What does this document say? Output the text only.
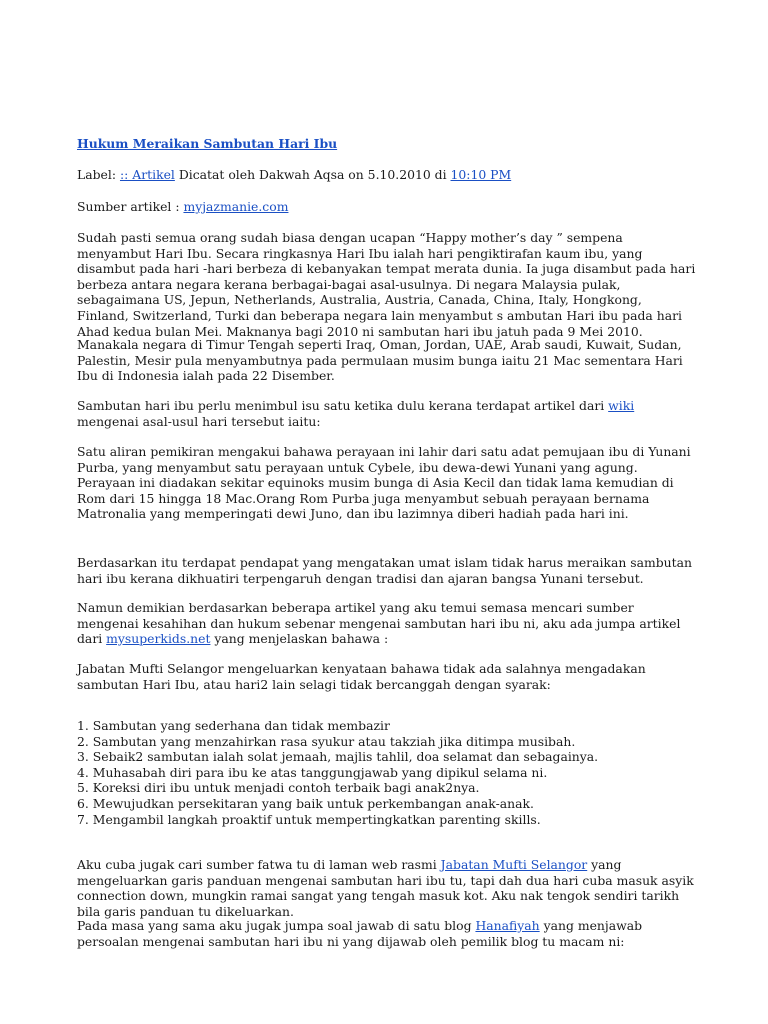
Hukum Meraikan Sambutan Hari Ibu

Label: :: Artikel Dicatat oleh Dakwah Aqsa on 5.10.2010 di 10:10 PM

Sumber artikel : myjazmanie.com

Sudah pasti semua orang sudah biasa dengan ucapan “Happy mother’s day ” sempena menyambut Hari Ibu. Secara ringkasnya Hari Ibu ialah hari pengiktirafan kaum ibu, yang disambut pada hari -hari berbeza di kebanyakan tempat merata dunia. Ia juga disambut pada hari berbeza antara negara kerana berbagai-bagai asal-usulnya. Di negara Malaysia pulak, sebagaimana US, Jepun, Netherlands, Australia, Austria, Canada, China, Italy, Hongkong, Finland, Switzerland, Turki dan beberapa negara lain menyambut s ambutan Hari ibu pada hari Ahad kedua bulan Mei. Maknanya bagi 2010 ni sambutan hari ibu jatuh pada 9 Mei 2010.

Manakala negara di Timur Tengah seperti Iraq, Oman, Jordan, UAE, Arab saudi, Kuwait, Sudan, Palestin, Mesir pula menyambutnya pada permulaan musim bunga iaitu 21 Mac sementara Hari Ibu di Indonesia ialah pada 22 Disember.

Sambutan hari ibu perlu menimbul isu satu ketika dulu kerana terdapat artikel dari wiki mengenai asal-usul hari tersebut iaitu:

Satu aliran pemikiran mengakui bahawa perayaan ini lahir dari satu adat pemujaan ibu di Yunani Purba, yang menyambut satu perayaan untuk Cybele, ibu dewa-dewi Yunani yang agung. Perayaan ini diadakan sekitar equinoks musim bunga di Asia Kecil dan tidak lama kemudian di Rom dari 15 hingga 18 Mac.Orang Rom Purba juga menyambut sebuah perayaan bernama Matronalia yang memperingati dewi Juno, dan ibu lazimnya diberi hadiah pada hari ini.

Berdasarkan itu terdapat pendapat yang mengatakan umat islam tidak harus meraikan sambutan hari ibu kerana dikhuatiri terpengaruh dengan tradisi dan ajaran bangsa Yunani tersebut.

Namun demikian berdasarkan beberapa artikel yang aku temui semasa mencari sumber mengenai kesahihan dan hukum sebenar mengenai sambutan hari ibu ni, aku ada jumpa artikel dari mysuperkids.net yang menjelaskan bahawa :

Jabatan Mufti Selangor mengeluarkan kenyataan bahawa tidak ada salahnya mengadakan sambutan Hari Ibu, atau hari2 lain selagi tidak bercanggah dengan syarak:

1. Sambutan yang sederhana dan tidak membazir
2. Sambutan yang menzahirkan rasa syukur atau takziah jika ditimpa musibah.
3. Sebaik2 sambutan ialah solat jemaah, majlis tahlil, doa selamat dan sebagainya.
4. Muhasabah diri para ibu ke atas tanggungjawab yang dipikul selama ni.
5. Koreksi diri ibu untuk menjadi contoh terbaik bagi anak2nya.
6. Mewujudkan persekitaran yang baik untuk perkembangan anak-anak.
7. Mengambil langkah proaktif untuk mempertingkatkan parenting skills.

Aku cuba jugak cari sumber fatwa tu di laman web rasmi Jabatan Mufti Selangor yang mengeluarkan garis panduan mengenai sambutan hari ibu tu, tapi dah dua hari cuba masuk asyik connection down, mungkin ramai sangat yang tengah masuk kot. Aku nak tengok sendiri tarikh bila garis panduan tu dikeluarkan.

Pada masa yang sama aku jugak jumpa soal jawab di satu blog Hanafiyah yang menjawab persoalan mengenai sambutan hari ibu ni yang dijawab oleh pemilik blog tu macam ni:
